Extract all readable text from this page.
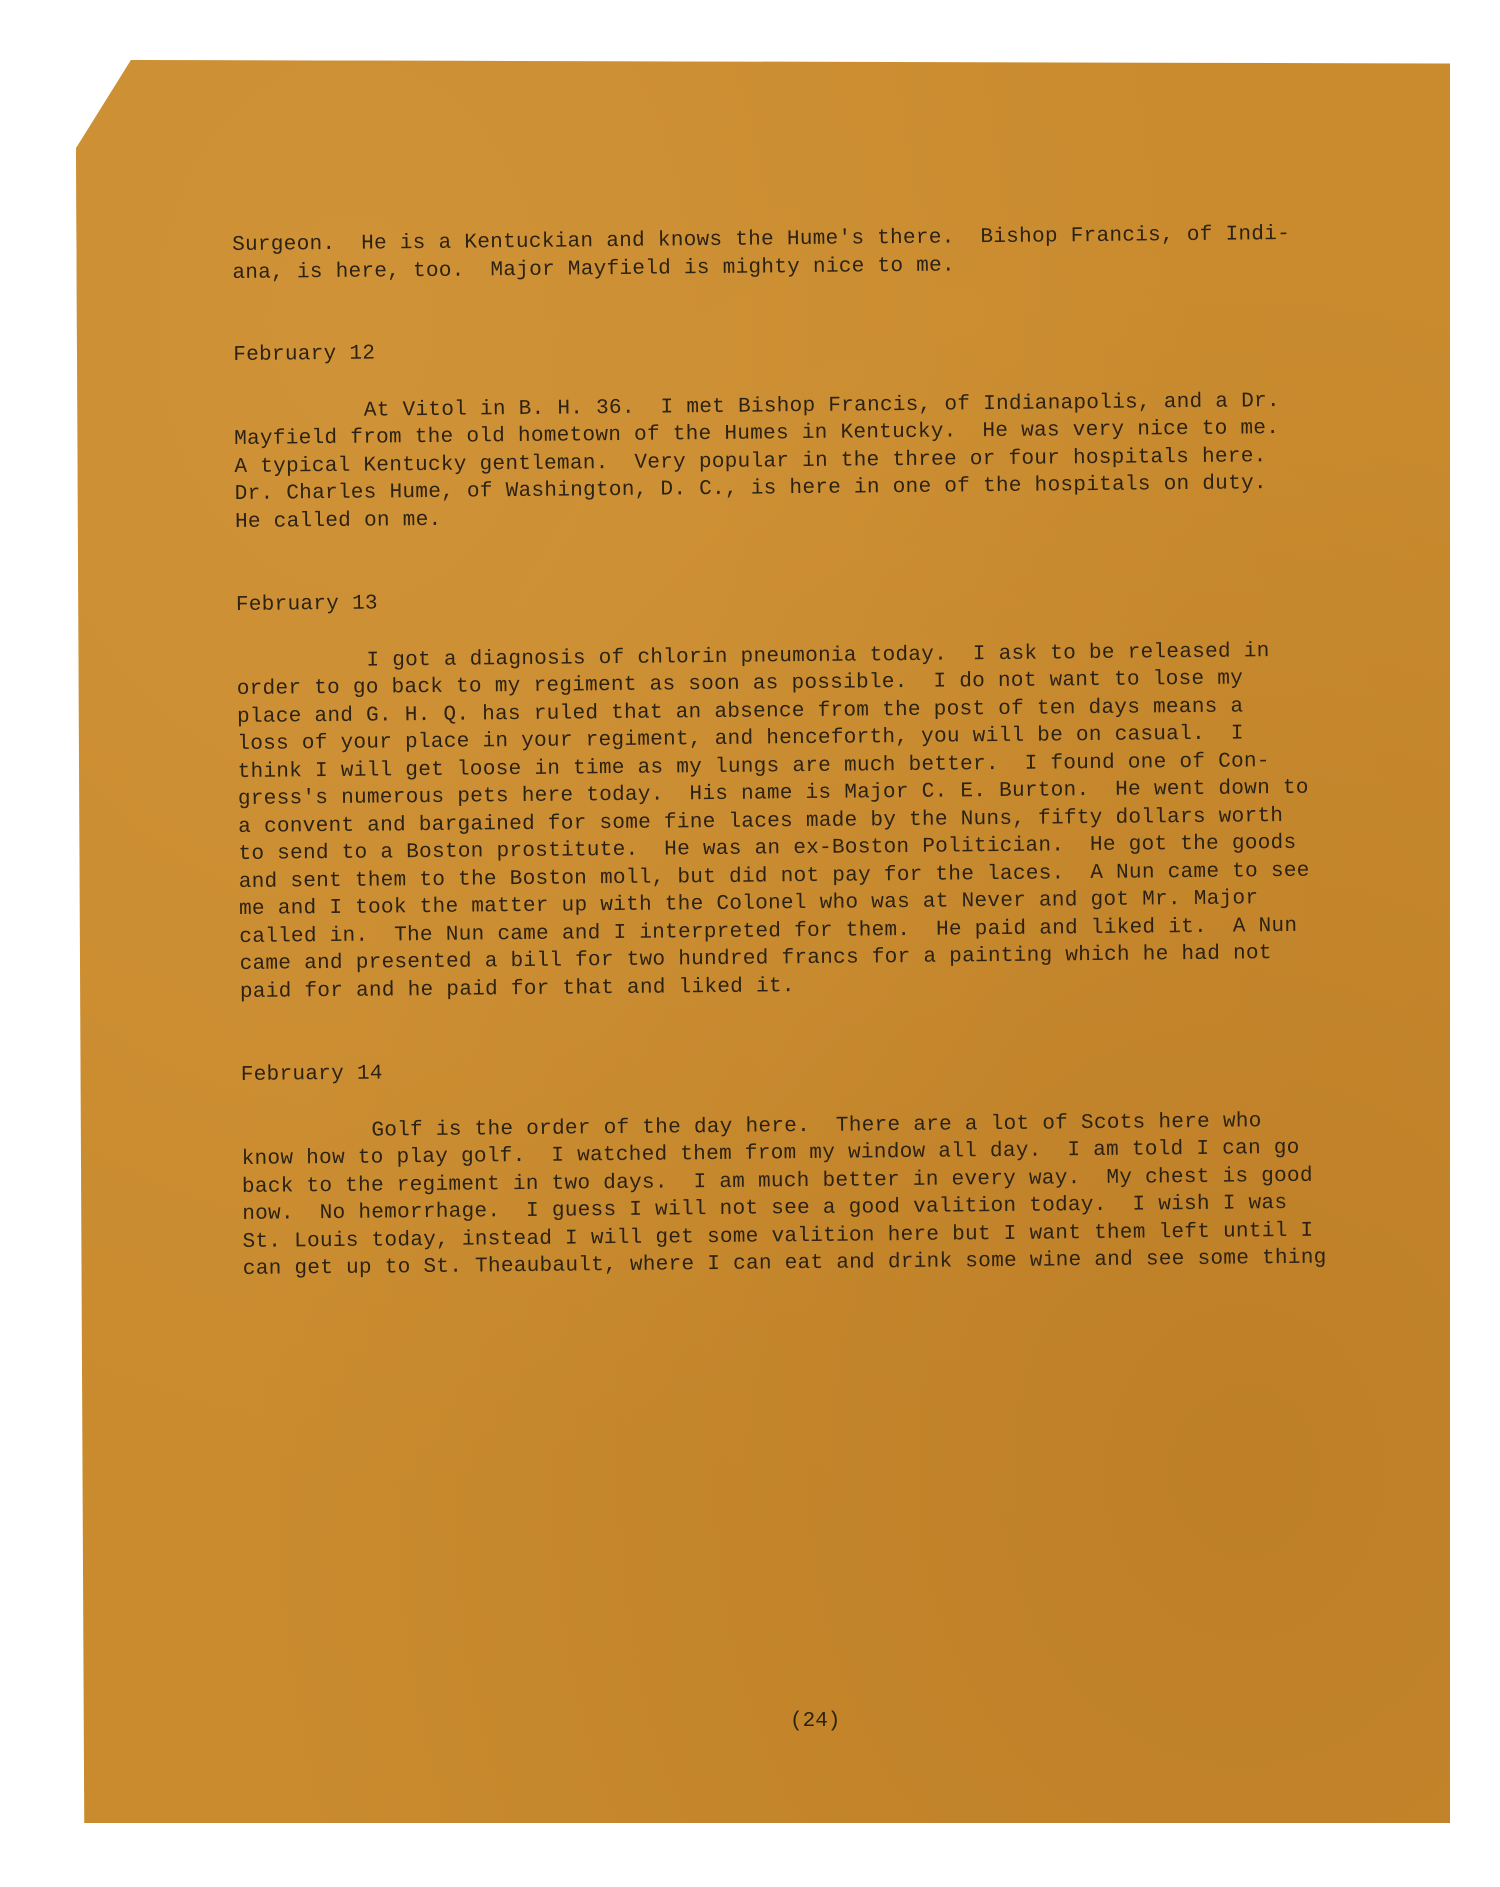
Surgeon.  He is a Kentuckian and knows the Hume's there.  Bishop Francis, of Indi-

ana, is here, too.  Major Mayfield is mighty nice to me.

February 12

At Vitol in B. H. 36.  I met Bishop Francis, of Indianapolis, and a Dr.

Mayfield from the old hometown of the Humes in Kentucky.  He was very nice to me.

A typical Kentucky gentleman.  Very popular in the three or four hospitals here.

Dr. Charles Hume, of Washington, D. C., is here in one of the hospitals on duty.

He called on me.

February 13

I got a diagnosis of chlorin pneumonia today.  I ask to be released in

order to go back to my regiment as soon as possible.  I do not want to lose my

place and G. H. Q. has ruled that an absence from the post of ten days means a

loss of your place in your regiment, and henceforth, you will be on casual.  I

think I will get loose in time as my lungs are much better.  I found one of Con-

gress's numerous pets here today.  His name is Major C. E. Burton.  He went down to

a convent and bargained for some fine laces made by the Nuns, fifty dollars worth

to send to a Boston prostitute.  He was an ex-Boston Politician.  He got the goods

and sent them to the Boston moll, but did not pay for the laces.  A Nun came to see

me and I took the matter up with the Colonel who was at Never and got Mr. Major

called in.  The Nun came and I interpreted for them.  He paid and liked it.  A Nun

came and presented a bill for two hundred francs for a painting which he had not

paid for and he paid for that and liked it.

February 14

Golf is the order of the day here.  There are a lot of Scots here who

know how to play golf.  I watched them from my window all day.  I am told I can go

back to the regiment in two days.  I am much better in every way.  My chest is good

now.  No hemorrhage.  I guess I will not see a good valition today.  I wish I was

St. Louis today, instead I will get some valition here but I want them left until I

can get up to St. Theaubault, where I can eat and drink some wine and see some thing

(24)
